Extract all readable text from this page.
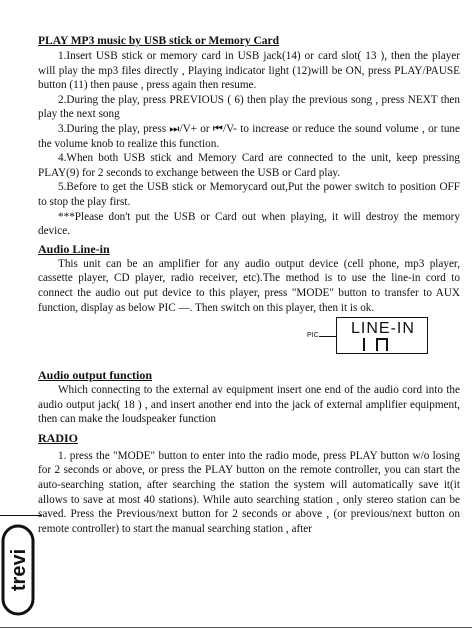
PLAY MP3 music by USB stick or Memory Card

1.Insert USB stick or memory card in USB jack(14) or card slot( 13 ), then the player will play the mp3 files directly , Playing indicator light (12)will be ON, press PLAY/PAUSE button (11) then pause , press again then resume.

2.During the play, press PREVIOUS ( 6) then play the previous song , press NEXT then play the next song

3.During the play, press ⏭/V+ or ⏮/V- to increase or reduce the sound volume , or tune the volume knob to realize this function.

4.When both USB stick and Memory Card are connected to the unit, keep pressing PLAY(9) for 2 seconds to exchange between the USB or Card play.

5.Before to get the USB stick or Memorycard out,Put the power switch to position OFF to stop the play first.

***Please don't put the USB or Card out when playing, it will destroy the memory device.

Audio Line-in

This unit can be an amplifier for any audio output device (cell phone, mp3 player, cassette player, CD player, radio receiver, etc).The method is to use the line-in cord to connect the audio out put device to this player, press "MODE" button to transfer to AUX function, display as below PIC —. Then switch on this player, then it is ok.

PIC LINE-IN

Audio output function

Which connecting to the external av equipment insert one end of the audio cord into the audio output jack( 18 ) , and insert another end into the jack of external amplifier equipment, then can make the loudspeaker function

RADIO

1. press the "MODE" button to enter into the radio mode, press PLAY button w/o losing for 2 seconds or above, or press the PLAY button on the remote controller, you can start the auto-searching station, after searching the station the system will automatically save it(it allows to save at most 40 stations). While auto searching station , only stereo station can be saved. Press the Previous/next button for 2 seconds or above , (or previous/next button on remote controller) to start the manual searching station , after

trevi
